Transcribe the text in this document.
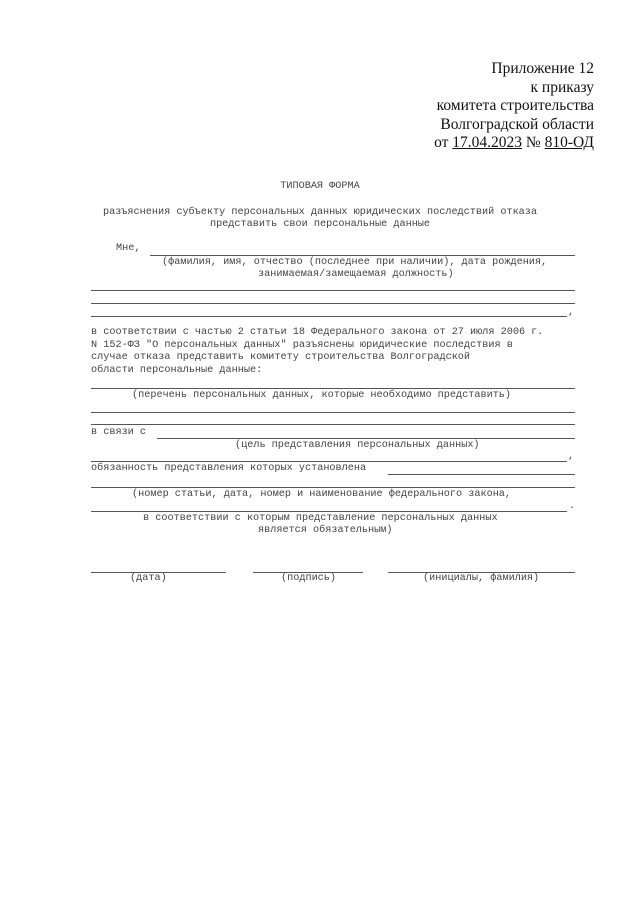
Приложение 12
к приказу
комитета строительства
Волгоградской области
от 17.04.2023 № 810-ОД
ТИПОВАЯ ФОРМА
разъяснения субъекту персональных данных юридических последствий отказа
представить свои персональные данные
Мне,
(фамилия, имя, отчество (последнее при наличии), дата рождения,
занимаемая/замещаемая должность)
,
в соответствии с частью 2 статьи 18 Федерального закона от 27 июля 2006 г.
N 152-ФЗ "О персональных данных" разъяснены юридические последствия в
случае отказа представить комитету строительства Волгоградской
области персональные данные:
(перечень персональных данных, которые необходимо представить)
в связи с
(цель представления персональных данных)
,
обязанность представления которых установлена
(номер статьи, дата, номер и наименование федерального закона,
.
в соответствии с которым представление персональных данных
является обязательным)
(дата)	(подпись)	(инициалы, фамилия)
